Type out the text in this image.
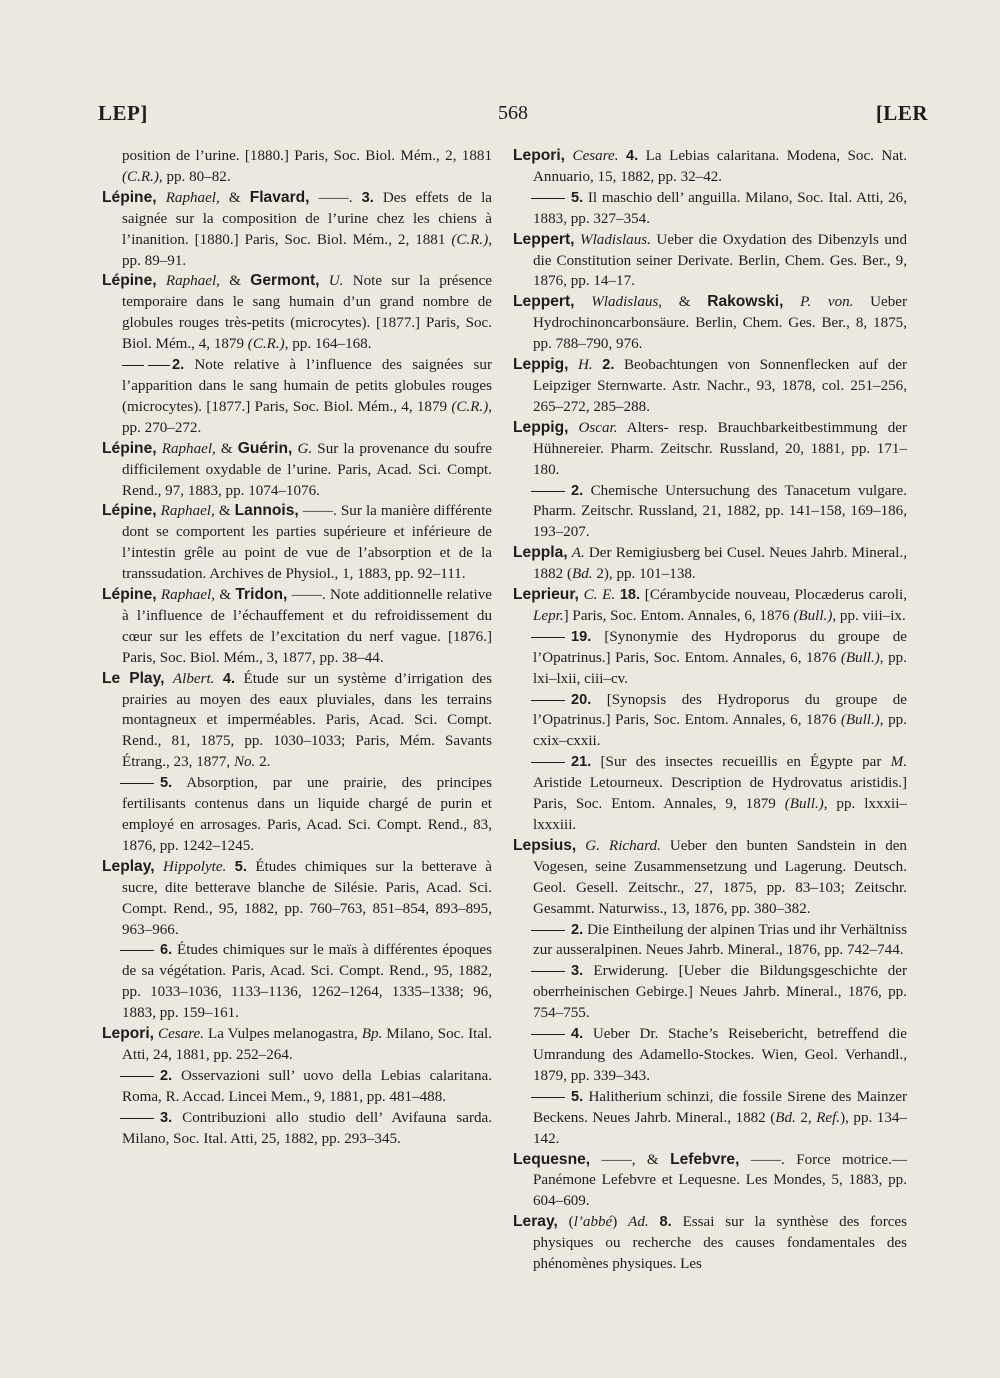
LEP]	568	[LER

position de l’urine. [1880.] Paris, Soc. Biol. Mém., 2, 1881 (C.R.), pp. 80–82.

Lépine, Raphael, & Flavard, ——. 3. Des effets de la saignée sur la composition de l’urine chez les chiens à l’inanition. [1880.] Paris, Soc. Biol. Mém., 2, 1881 (C.R.), pp. 89–91.

Lépine, Raphael, & Germont, U. Note sur la présence temporaire dans le sang humain d’un grand nombre de globules rouges très-petits (microcytes). [1877.] Paris, Soc. Biol. Mém., 4, 1879 (C.R.), pp. 164–168.

2. Note relative à l’influence des saignées sur l’apparition dans le sang humain de petits globules rouges (microcytes). [1877.] Paris, Soc. Biol. Mém., 4, 1879 (C.R.), pp. 270–272.

Lépine, Raphael, & Guérin, G. Sur la provenance du soufre difficilement oxydable de l’urine. Paris, Acad. Sci. Compt. Rend., 97, 1883, pp. 1074–1076.

Lépine, Raphael, & Lannois, ——. Sur la manière différente dont se comportent les parties supérieure et inférieure de l’intestin grêle au point de vue de l’absorption et de la transsudation. Archives de Physiol., 1, 1883, pp. 92–111.

Lépine, Raphael, & Tridon, ——. Note additionnelle relative à l’influence de l’échauffement et du refroidissement du cœur sur les effets de l’excitation du nerf vague. [1876.] Paris, Soc. Biol. Mém., 3, 1877, pp. 38–44.

Le Play, Albert. 4. Étude sur un système d’irrigation des prairies au moyen des eaux pluviales, dans les terrains montagneux et imperméables. Paris, Acad. Sci. Compt. Rend., 81, 1875, pp. 1030–1033; Paris, Mém. Savants Étrang., 23, 1877, No. 2.

5. Absorption, par une prairie, des principes fertilisants contenus dans un liquide chargé de purin et employé en arrosages. Paris, Acad. Sci. Compt. Rend., 83, 1876, pp. 1242–1245.

Leplay, Hippolyte. 5. Études chimiques sur la betterave à sucre, dite betterave blanche de Silésie. Paris, Acad. Sci. Compt. Rend., 95, 1882, pp. 760–763, 851–854, 893–895, 963–966.

6. Études chimiques sur le maïs à différentes époques de sa végétation. Paris, Acad. Sci. Compt. Rend., 95, 1882, pp. 1033–1036, 1133–1136, 1262–1264, 1335–1338; 96, 1883, pp. 159–161.

Lepori, Cesare. La Vulpes melanogastra, Bp. Milano, Soc. Ital. Atti, 24, 1881, pp. 252–264.

2. Osservazioni sull’ uovo della Lebias calaritana. Roma, R. Accad. Lincei Mem., 9, 1881, pp. 481–488.

3. Contribuzioni allo studio dell’ Avifauna sarda. Milano, Soc. Ital. Atti, 25, 1882, pp. 293–345.

Lepori, Cesare. 4. La Lebias calaritana. Modena, Soc. Nat. Annuario, 15, 1882, pp. 32–42.

5. Il maschio dell’ anguilla. Milano, Soc. Ital. Atti, 26, 1883, pp. 327–354.

Leppert, Wladislaus. Ueber die Oxydation des Dibenzyls und die Constitution seiner Derivate. Berlin, Chem. Ges. Ber., 9, 1876, pp. 14–17.

Leppert, Wladislaus, & Rakowski, P. von. Ueber Hydrochinoncarbonsäure. Berlin, Chem. Ges. Ber., 8, 1875, pp. 788–790, 976.

Leppig, H. 2. Beobachtungen von Sonnenflecken auf der Leipziger Sternwarte. Astr. Nachr., 93, 1878, col. 251–256, 265–272, 285–288.

Leppig, Oscar. Alters- resp. Brauchbarkeitbestimmung der Hühnereier. Pharm. Zeitschr. Russland, 20, 1881, pp. 171–180.

2. Chemische Untersuchung des Tanacetum vulgare. Pharm. Zeitschr. Russland, 21, 1882, pp. 141–158, 169–186, 193–207.

Leppla, A. Der Remigiusberg bei Cusel. Neues Jahrb. Mineral., 1882 (Bd. 2), pp. 101–138.

Leprieur, C. E. 18. [Cérambycide nouveau, Plocæderus caroli, Lepr.] Paris, Soc. Entom. Annales, 6, 1876 (Bull.), pp. viii–ix.

19. [Synonymie des Hydroporus du groupe de l’Opatrinus.] Paris, Soc. Entom. Annales, 6, 1876 (Bull.), pp. lxi–lxii, ciii–cv.

20. [Synopsis des Hydroporus du groupe de l’Opatrinus.] Paris, Soc. Entom. Annales, 6, 1876 (Bull.), pp. cxix–cxxii.

21. [Sur des insectes recueillis en Égypte par M. Aristide Letourneux. Description de Hydrovatus aristidis.] Paris, Soc. Entom. Annales, 9, 1879 (Bull.), pp. lxxxii–lxxxiii.

Lepsius, G. Richard. Ueber den bunten Sandstein in den Vogesen, seine Zusammensetzung und Lagerung. Deutsch. Geol. Gesell. Zeitschr., 27, 1875, pp. 83–103; Zeitschr. Gesammt. Naturwiss., 13, 1876, pp. 380–382.

2. Die Eintheilung der alpinen Trias und ihr Verhältniss zur ausseralpinen. Neues Jahrb. Mineral., 1876, pp. 742–744.

3. Erwiderung. [Ueber die Bildungsgeschichte der oberrheinischen Gebirge.] Neues Jahrb. Mineral., 1876, pp. 754–755.

4. Ueber Dr. Stache’s Reisebericht, betreffend die Umrandung des Adamello-Stockes. Wien, Geol. Verhandl., 1879, pp. 339–343.

5. Halitherium schinzi, die fossile Sirene des Mainzer Beckens. Neues Jahrb. Mineral., 1882 (Bd. 2, Ref.), pp. 134–142.

Lequesne, ——, & Lefebvre, ——. Force motrice.—Panémone Lefebvre et Lequesne. Les Mondes, 5, 1883, pp. 604–609.

Leray, (l’abbé) Ad. 8. Essai sur la synthèse des forces physiques ou recherche des causes fondamentales des phénomènes physiques. Les
